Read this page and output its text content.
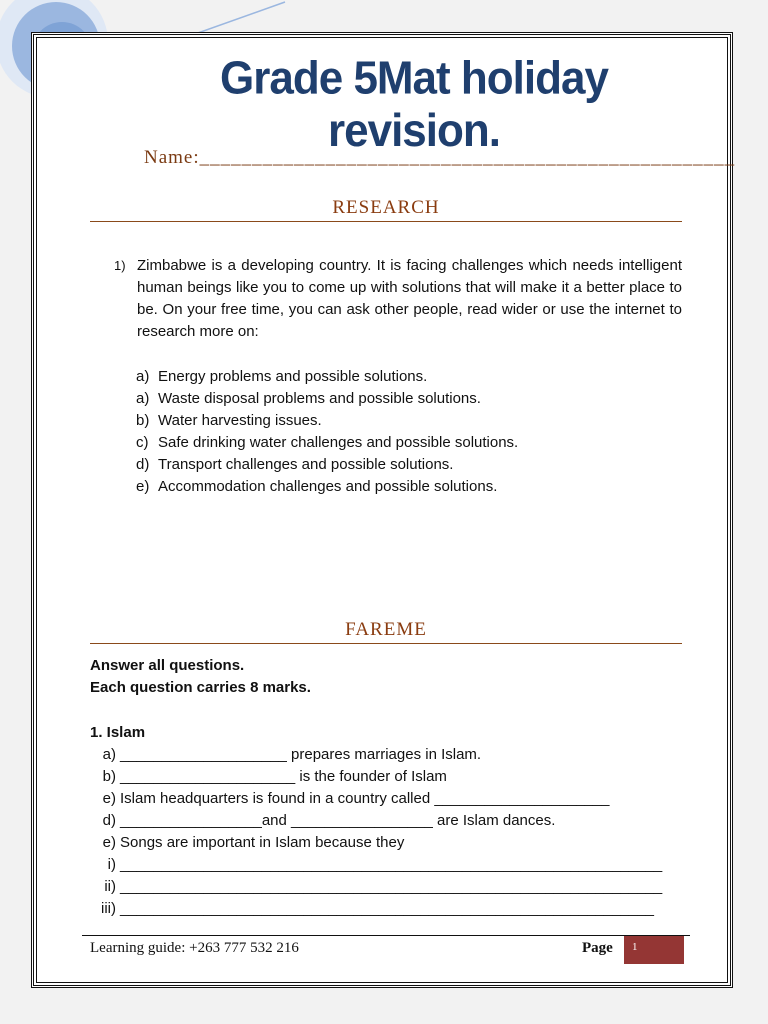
Grade 5Mat holiday revision.
Name:___________________________________________________
RESEARCH
1) Zimbabwe is a developing country. It is facing challenges which needs intelligent human beings like you to come up with solutions that will make it a better place to be. On your free time, you can ask other people, read wider or use the internet to research more on:
a) Energy problems and possible solutions.
a) Waste disposal problems and possible solutions.
b) Water harvesting issues.
c) Safe drinking water challenges and possible solutions.
d) Transport challenges and possible solutions.
e) Accommodation challenges and possible solutions.
FAREME
Answer all questions.
Each question carries 8 marks.
1. Islam
a) ____________________ prepares marriages in Islam.
b) _____________________ is the founder of Islam
e) Islam headquarters is found in a country called _____________________
d) _________________and _________________ are Islam dances.
e) Songs are important in Islam because they
i) _________________________________________________________________
ii) _________________________________________________________________
iii) ________________________________________________________________
Learning guide: +263 777 532 216	Page	1
